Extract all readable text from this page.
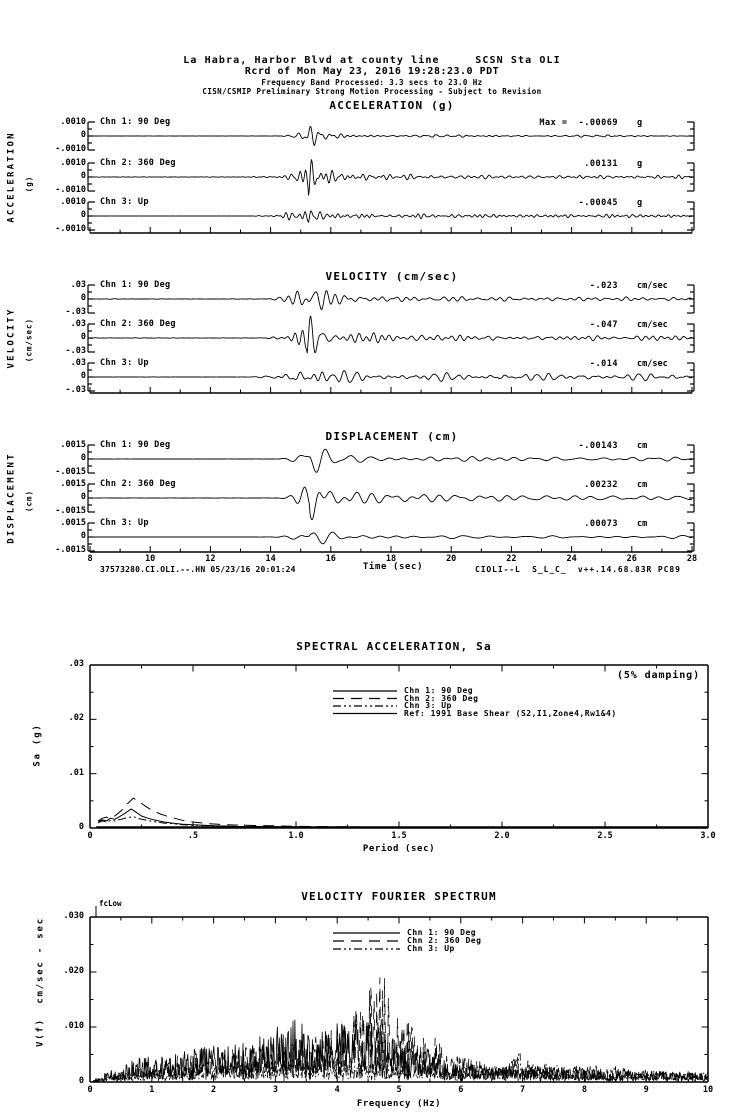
La Habra, Harbor Blvd at county line     SCSN Sta OLI
Rcrd of Mon May 23, 2016 19:28:23.0 PDT
Frequency Band Processed: 3.3 secs to 23.0 Hz
CISN/CSMIP Preliminary Strong Motion Processing - Subject to Revision
ACCELERATION (g)
VELOCITY (cm/sec)
DISPLACEMENT (cm)
ACCELERATION (g)
VELOCITY (cm/sec)
DISPLACEMENT (cm)
Time (sec)
37573280.CI.OLI.--.HN 05/23/16 20:01:24	CIOLI--L  S_L_C_  v++.14.68.83R PC89
SPECTRAL ACCELERATION, Sa
(5% damping)
Period (sec)
Sa (g)
VELOCITY FOURIER SPECTRUM
Frequency (Hz)
V(f)  cm/sec - sec
fcLow
.0010
0
-.0010
Chn 1: 90 Deg	Max =  -.00069 g
.0010
0
-.0010
Chn 2: 360 Deg	.00131 g
.0010
0
-.0010
Chn 3: Up	-.00045 g
.03
0
-.03
Chn 1: 90 Deg	-.023 cm/sec
.03
0
-.03
Chn 2: 360 Deg	-.047 cm/sec
.03
0
-.03
Chn 3: Up	-.014 cm/sec
.0015
0
-.0015
Chn 1: 90 Deg	-.00143 cm
.0015
0
-.0015
Chn 2: 360 Deg	.00232 cm
.0015
0
-.0015
Chn 3: Up	.00073 cm
8	10	12	14	16	18	20	22	24	26	28
.03
.02
.01
0
0	.5	1.0	1.5	2.0	2.5	3.0
Chn 1: 90 Deg
Chn 2: 360 Deg
Chn 3: Up
Ref: 1991 Base Shear (S2,I1,Zone4,Rw1&4)
.030
.020
.010
0
0	1	2	3	4	5	6	7	8	9	10
Chn 1: 90 Deg
Chn 2: 360 Deg
Chn 3: Up
